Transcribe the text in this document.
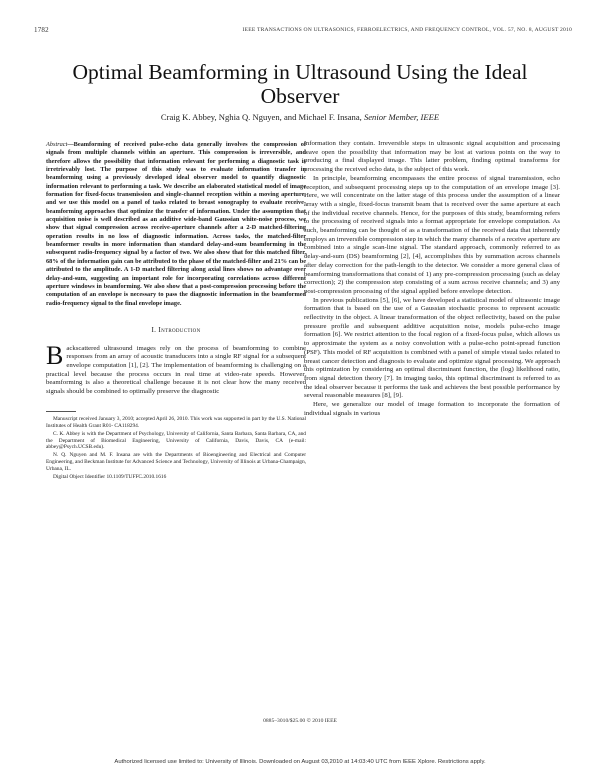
1782	IEEE TRANSACTIONS ON ULTRASONICS, FERROELECTRICS, AND FREQUENCY CONTROL, VOL. 57, NO. 8, AUGUST 2010
Optimal Beamforming in Ultrasound Using the Ideal Observer
Craig K. Abbey, Nghia Q. Nguyen, and Michael F. Insana, Senior Member, IEEE

Abstract—Beamforming of received pulse-echo data generally involves the compression of signals from multiple channels within an aperture. This compression is irreversible, and therefore allows the possibility that information relevant for performing a diagnostic task is irretrievably lost. The purpose of this study was to evaluate information transfer in beamforming using a previously developed ideal observer model to quantify diagnostic information relevant to performing a task. We describe an elaborated statistical model of image formation for fixed-focus transmission and single-channel reception within a moving aperture, and we use this model on a panel of tasks related to breast sonography to evaluate receive-beamforming approaches that optimize the transfer of information. Under the assumption that acquisition noise is well described as an additive wide-band Gaussian white-noise process, we show that signal compression across receive-aperture channels after a 2-D matched-filtering operation results in no loss of diagnostic information. Across tasks, the matched-filter beamformer results in more information than standard delay-and-sum beamforming in the subsequent radio-frequency signal by a factor of two. We also show that for this matched filter, 68% of the information gain can be attributed to the phase of the matched-filter and 21% can be attributed to the amplitude. A 1-D matched filtering along axial lines shows no advantage over delay-and-sum, suggesting an important role for incorporating correlations across different aperture windows in beamforming. We also show that a post-compression processing before the computation of an envelope is necessary to pass the diagnostic information in the beamformed radio-frequency signal to the final envelope image.

I. Introduction

Backscattered ultrasound images rely on the process of beamforming to combine responses from an array of acoustic transducers into a single RF signal for a subsequent envelope computation [1], [2]. The implementation of beamforming is challenging on a practical level because the process occurs in real time at video-rate speeds. However, beamforming is also a theoretical challenge because it is not clear how the many received signals should be combined to optimally preserve the diagnostic

Manuscript received January 3, 2010; accepted April 26, 2010. This work was supported in part by the U.S. National Institutes of Health Grant R01- CA118294.

C. K. Abbey is with the Department of Psychology, University of California, Santa Barbara, Santa Barbara, CA, and the Department of Biomedical Engineering, University of California, Davis, Davis, CA (e-mail: abbey@Psych.UCSB.edu).

N. Q. Nguyen and M. F. Insana are with the Departments of Bioengineering and Electrical and Computer Engineering, and Beckman Institute for Advanced Science and Technology, University of Illinois at Urbana-Champaign, Urbana, IL.

Digital Object Identifier 10.1109/TUFFC.2010.1616

information they contain. Irreversible steps in ultrasonic signal acquisition and processing leave open the possibility that information may be lost at various points on the way to producing a final displayed image. This latter problem, finding optimal transforms for processing the received echo data, is the subject of this work.

In principle, beamforming encompasses the entire process of signal transmission, echo reception, and subsequent processing steps up to the computation of an envelope image [3]. Here, we will concentrate on the latter stage of this process under the assumption of a linear array with a single, fixed-focus transmit beam that is received over the same aperture at each of the individual receive channels. Hence, for the purposes of this study, beamforming refers to the processing of received signals into a format appropriate for envelope computation. As such, beamforming can be thought of as a transformation of the received data that inherently employs an irreversible compression step in which the many channels of a receive aperture are combined into a single scan-line signal. The standard approach, commonly referred to as delay-and-sum (DS) beamforming [2], [4], accomplishes this by summation across channels after delay correction for the path-length to the detector. We consider a more general class of beamforming transformations that consist of 1) any pre-compression processing (such as delay correction); 2) the compression step consisting of a sum across receive channels; and 3) any post-compression processing of the signal applied before envelope detection.

In previous publications [5], [6], we have developed a statistical model of ultrasonic image formation that is based on the use of a Gaussian stochastic process to represent acoustic reflectivity in the object. A linear transformation of the object reflectivity, based on the pulse pressure profile and subsequent additive acquisition noise, models pulse-echo image formation [6]. We restrict attention to the focal region of a fixed-focus pulse, which allows us to approximate the system as a noisy convolution with a pulse-echo point-spread function (PSF). This model of RF acquisition is combined with a panel of simple visual tasks related to breast cancer detection and diagnosis to evaluate and optimize signal processing. We approach this optimization by considering an optimal discriminant function, the (log) likelihood ratio, from signal detection theory [7]. In imaging tasks, this optimal discriminant is referred to as the ideal observer because it performs the task and achieves the best possible performance by several reasonable measures [8], [9].

Here, we generalize our model of image formation to incorporate the formation of individual signals in various

0885–3010/$25.00 © 2010 IEEE
Authorized licensed use limited to: University of Illinois. Downloaded on August 03,2010 at 14:03:40 UTC from IEEE Xplore. Restrictions apply.
